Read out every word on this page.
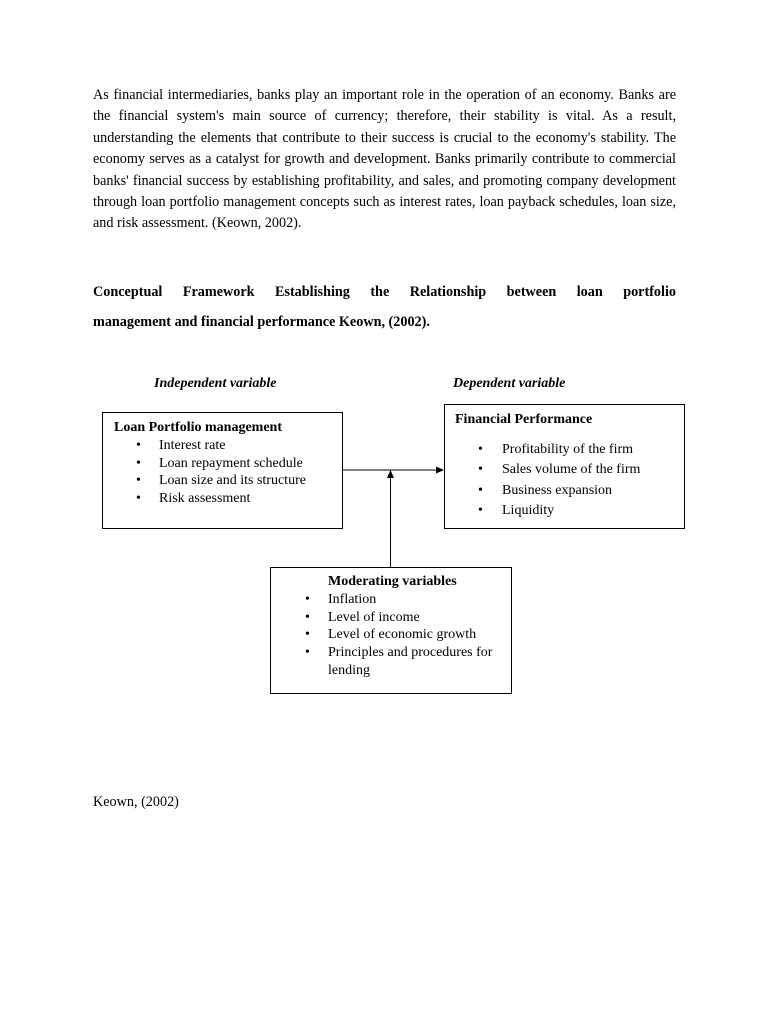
As financial intermediaries, banks play an important role in the operation of an economy. Banks are the financial system's main source of currency; therefore, their stability is vital. As a result, understanding the elements that contribute to their success is crucial to the economy's stability. The economy serves as a catalyst for growth and development. Banks primarily contribute to commercial banks' financial success by establishing profitability, and sales, and promoting company development through loan portfolio management concepts such as interest rates, loan payback schedules, loan size, and risk assessment. (Keown, 2002).

Conceptual Framework Establishing the Relationship between loan portfolio
management and financial performance Keown, (2002).

Independent variable	Dependent variable

Loan Portfolio management
• Interest rate
• Loan repayment schedule
• Loan size and its structure
• Risk assessment
Financial Performance
• Profitability of the firm
• Sales volume of the firm
• Business expansion
• Liquidity
Moderating variables
• Inflation
• Level of income
• Level of economic growth
• Principles and procedures for lending

Keown, (2002)
